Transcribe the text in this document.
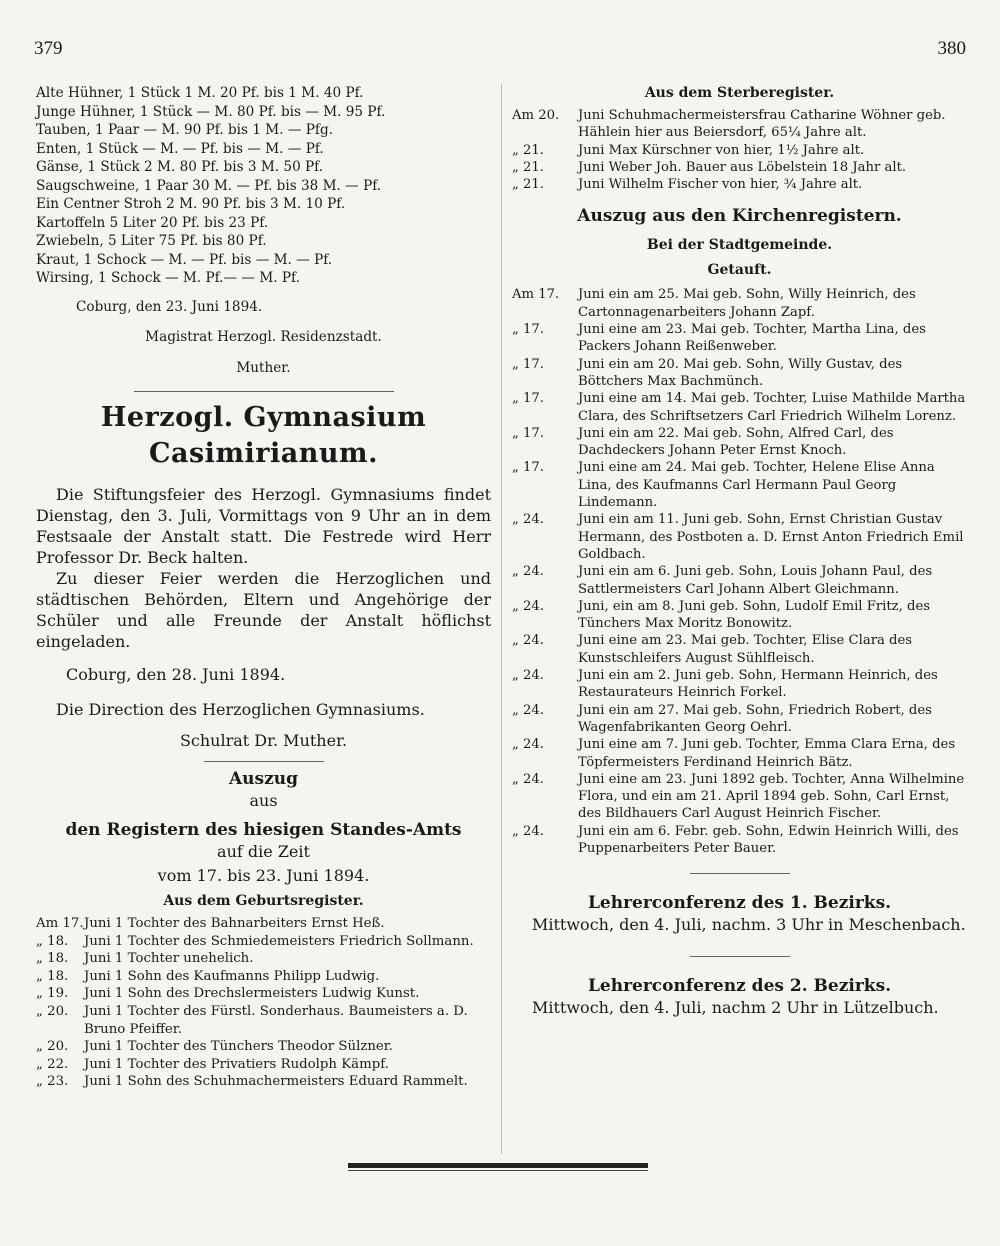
379	380
Alte Hühner, 1 Stück 1 M. 20 Pf. bis 1 M. 40 Pf.
Junge Hühner, 1 Stück — M. 80 Pf. bis — M. 95 Pf.
Tauben, 1 Paar — M. 90 Pf. bis 1 M. — Pfg.
Enten, 1 Stück — M. — Pf. bis — M. — Pf.
Gänse, 1 Stück 2 M. 80 Pf. bis 3 M. 50 Pf.
Saugschweine, 1 Paar 30 M. — Pf. bis 38 M. — Pf.
Ein Centner Stroh 2 M. 90 Pf. bis 3 M. 10 Pf.
Kartoffeln 5 Liter 20 Pf. bis 23 Pf.
Zwiebeln, 5 Liter 75 Pf. bis 80 Pf.
Kraut, 1 Schock — M. — Pf. bis — M. — Pf.
Wirsing, 1 Schock — M. Pf.— — M. Pf.
Coburg, den 23. Juni 1894.
Magistrat Herzogl. Residenzstadt.
Muther.
Herzogl. Gymnasium Casimirianum.

Die Stiftungsfeier des Herzogl. Gymnasiums findet Dienstag, den 3. Juli, Vormittags von 9 Uhr an in dem Festsaale der Anstalt statt. Die Festrede wird Herr Professor Dr. Beck halten.

Zu dieser Feier werden die Herzoglichen und städtischen Behörden, Eltern und Angehörige der Schüler und alle Freunde der Anstalt höflichst eingeladen.

Coburg, den 28. Juni 1894.

Die Direction des Herzoglichen Gymnasiums.

Schulrat Dr. Muther.

Auszug
aus
den Registern des hiesigen Standes-Amts
auf die Zeit
vom 17. bis 23. Juni 1894.
Aus dem Geburtsregister.
Am 17. Juni 1 Tochter des Bahnarbeiters Ernst Heß.
„ 18.	Juni 1 Tochter des Schmiedemeisters Friedrich Sollmann.
„ 18.	Juni 1 Tochter unehelich.
„ 18.	Juni 1 Sohn des Kaufmanns Philipp Ludwig.
„ 19.	Juni 1 Sohn des Drechslermeisters Ludwig Kunst.
„ 20.	Juni 1 Tochter des Fürstl. Sonderhaus. Baumeisters a. D. Bruno Pfeiffer.
„ 20.	Juni 1 Tochter des Tünchers Theodor Sülzner.
„ 22.	Juni 1 Tochter des Privatiers Rudolph Kämpf.
„ 23.	Juni 1 Sohn des Schuhmachermeisters Eduard Rammelt.
Aus dem Sterberegister.
Am 20.	Juni Schuhmachermeistersfrau Catharine Wöhner geb. Hählein hier aus Beiersdorf, 65¼ Jahre alt.
„ 21.	Juni Max Kürschner von hier, 1½ Jahre alt.
„ 21.	Juni Weber Joh. Bauer aus Löbelstein 18 Jahr alt.
„ 21.	Juni Wilhelm Fischer von hier, ¾ Jahre alt.
Auszug aus den Kirchenregistern.
Bei der Stadtgemeinde.
Getauft.
Am 17.	Juni ein am 25. Mai geb. Sohn, Willy Heinrich, des Cartonnagenarbeiters Johann Zapf.
„ 17.	Juni eine am 23. Mai geb. Tochter, Martha Lina, des Packers Johann Reißenweber.
„ 17.	Juni ein am 20. Mai geb. Sohn, Willy Gustav, des Böttchers Max Bachmünch.
„ 17.	Juni eine am 14. Mai geb. Tochter, Luise Mathilde Martha Clara, des Schriftsetzers Carl Friedrich Wilhelm Lorenz.
„ 17.	Juni ein am 22. Mai geb. Sohn, Alfred Carl, des Dachdeckers Johann Peter Ernst Knoch.
„ 17.	Juni eine am 24. Mai geb. Tochter, Helene Elise Anna Lina, des Kaufmanns Carl Hermann Paul Georg Lindemann.
„ 24.	Juni ein am 11. Juni geb. Sohn, Ernst Christian Gustav Hermann, des Postboten a. D. Ernst Anton Friedrich Emil Goldbach.
„ 24.	Juni ein am 6. Juni geb. Sohn, Louis Johann Paul, des Sattlermeisters Carl Johann Albert Gleichmann.
„ 24.	Juni, ein am 8. Juni geb. Sohn, Ludolf Emil Fritz, des Tünchers Max Moritz Bonowitz.
„ 24.	Juni eine am 23. Mai geb. Tochter, Elise Clara des Kunstschleifers August Sühlfleisch.
„ 24.	Juni ein am 2. Juni geb. Sohn, Hermann Heinrich, des Restaurateurs Heinrich Forkel.
„ 24.	Juni ein am 27. Mai geb. Sohn, Friedrich Robert, des Wagenfabrikanten Georg Oehrl.
„ 24.	Juni eine am 7. Juni geb. Tochter, Emma Clara Erna, des Töpfermeisters Ferdinand Heinrich Bätz.
„ 24.	Juni eine am 23. Juni 1892 geb. Tochter, Anna Wilhelmine Flora, und ein am 21. April 1894 geb. Sohn, Carl Ernst, des Bildhauers Carl August Heinrich Fischer.
„ 24.	Juni ein am 6. Febr. geb. Sohn, Edwin Heinrich Willi, des Puppenarbeiters Peter Bauer.
Lehrerconferenz des 1. Bezirks.
Mittwoch, den 4. Juli, nachm. 3 Uhr in Meschenbach.
Lehrerconferenz des 2. Bezirks.
Mittwoch, den 4. Juli, nachm 2 Uhr in Lützelbuch.
